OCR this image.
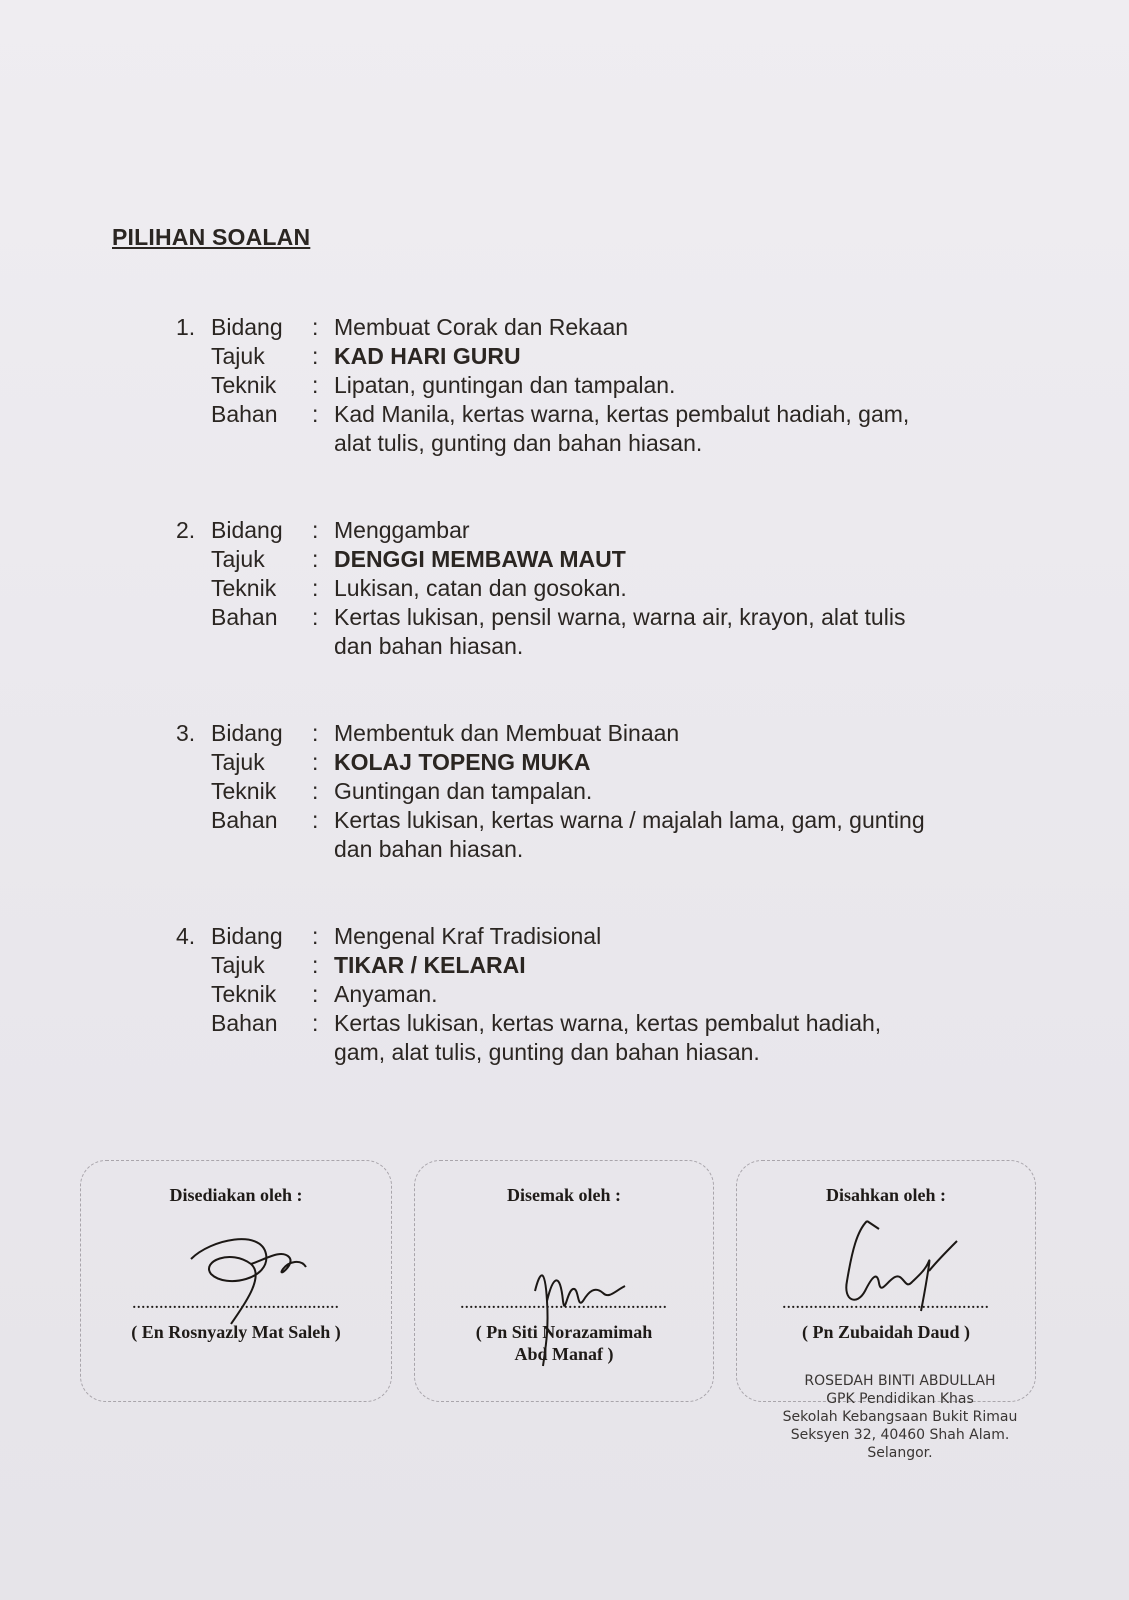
PILIHAN SOALAN
1. Bidang : Membuat Corak dan Rekaan
Tajuk : KAD HARI GURU
Teknik : Lipatan, guntingan dan tampalan.
Bahan : Kad Manila, kertas warna, kertas pembalut hadiah, gam,
alat tulis, gunting dan bahan hiasan.
2. Bidang : Menggambar
Tajuk : DENGGI MEMBAWA MAUT
Teknik : Lukisan, catan dan gosokan.
Bahan : Kertas lukisan, pensil warna, warna air, krayon, alat tulis
dan bahan hiasan.
3. Bidang : Membentuk dan Membuat Binaan
Tajuk : KOLAJ TOPENG MUKA
Teknik : Guntingan dan tampalan.
Bahan : Kertas lukisan, kertas warna / majalah lama, gam, gunting
dan bahan hiasan.
4. Bidang : Mengenal Kraf Tradisional
Tajuk : TIKAR / KELARAI
Teknik : Anyaman.
Bahan : Kertas lukisan, kertas warna, kertas pembalut hadiah,
gam, alat tulis, gunting dan bahan hiasan.
Disediakan oleh :
..............................................
( En Rosnyazly Mat Saleh )
Disemak oleh :
..............................................
( Pn Siti Norazamimah
Abd Manaf )
Disahkan oleh :
..............................................
( Pn Zubaidah Daud )
ROSEDAH BINTI ABDULLAH
GPK Pendidikan Khas
Sekolah Kebangsaan Bukit Rimau
Seksyen 32, 40460 Shah Alam.
Selangor.
